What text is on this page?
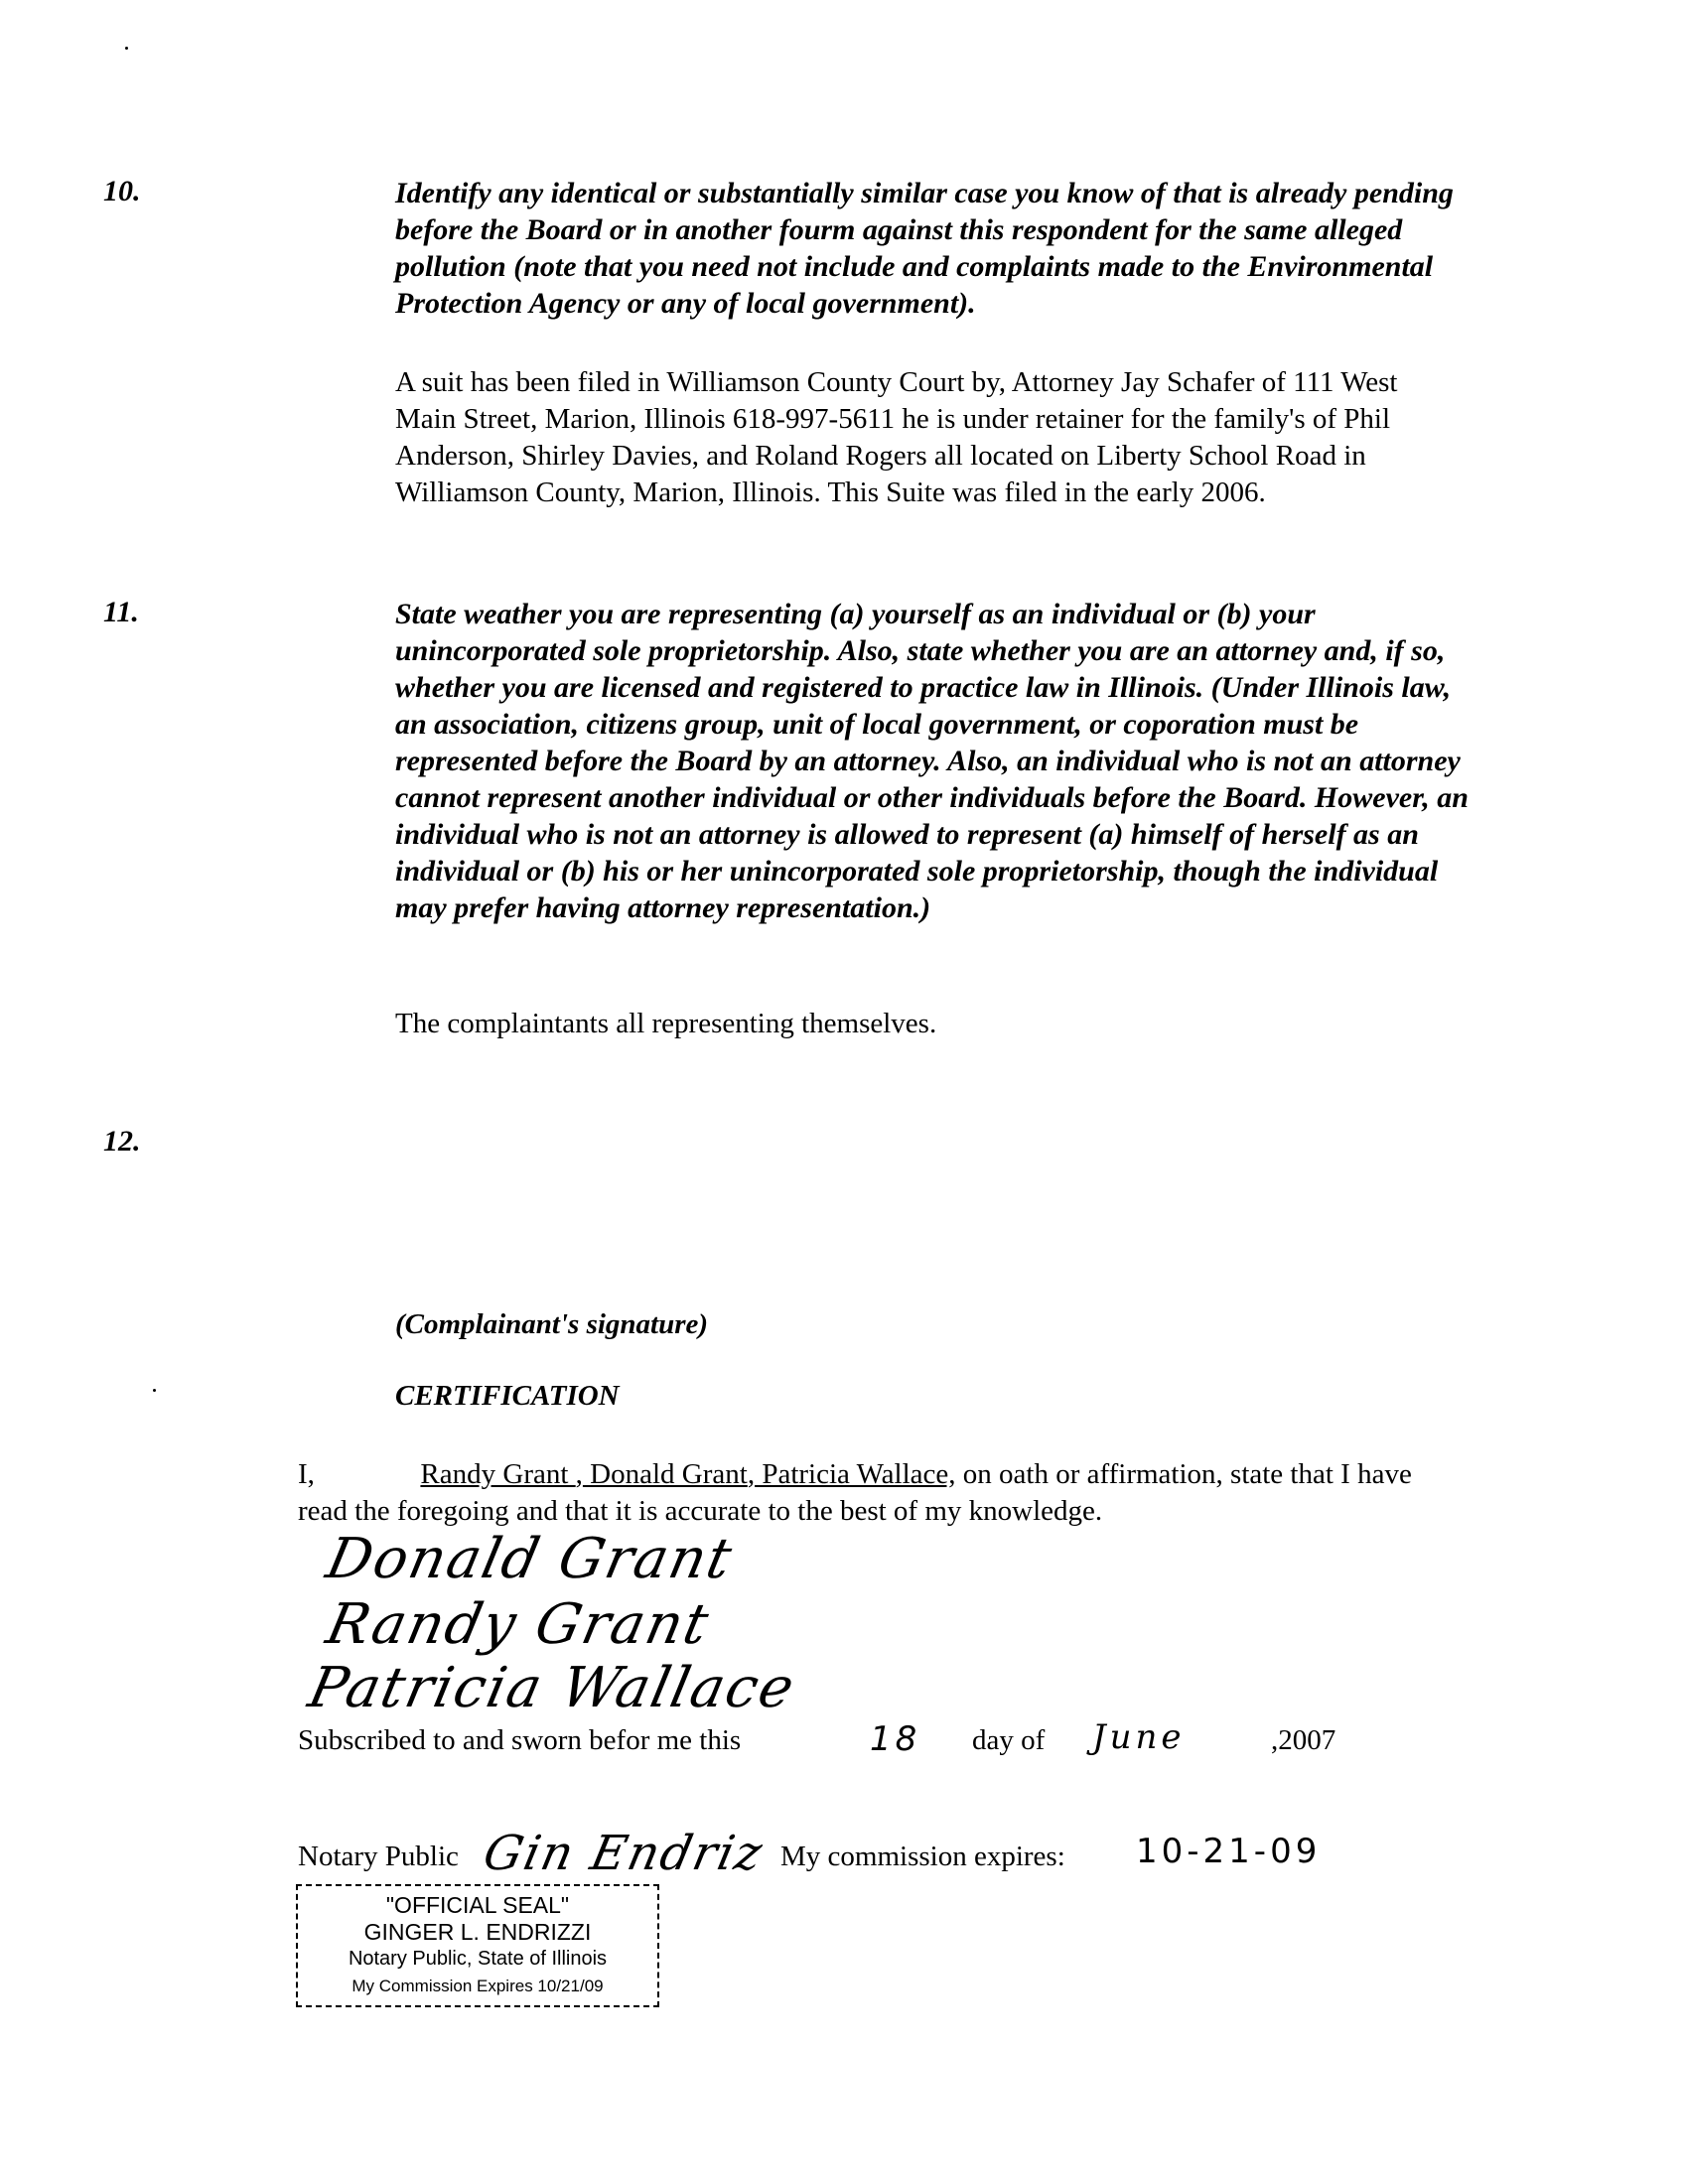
10.	Identify any identical or substantially similar case you know of that is already pending
before the Board or in another fourm against this respondent for the same alleged
pollution (note that you need not include and complaints made to the Environmental
Protection Agency or any of local government).
A suit has been filed in Williamson County Court by, Attorney Jay Schafer of 111 West
Main Street, Marion, Illinois 618-997-5611 he is under retainer for the family's of Phil
Anderson, Shirley Davies, and Roland Rogers all located on Liberty School Road in
Williamson County, Marion, Illinois. This Suite was filed in the early 2006.
11.	State weather you are representing (a) yourself as an individual or (b) your
unincorporated sole proprietorship. Also, state whether you are an attorney and, if so,
whether you are licensed and registered to practice law in Illinois. (Under Illinois law,
an association, citizens group, unit of local government, or coporation must be
represented before the Board by an attorney. Also, an individual who is not an attorney
cannot represent another individual or other individuals before the Board. However, an
individual who is not an attorney is allowed to represent (a) himself of herself as an
individual or (b) his or her unincorporated sole proprietorship, though the individual
may prefer having attorney representation.)
The complaintants all representing themselves.
12.
(Complainant's signature)
CERTIFICATION
I,	Randy Grant , Donald Grant, Patricia Wallace, on oath or affirmation, state that I have
read the foregoing and that it is accurate to the best of my knowledge.
Donald Grant
Randy Grant
Patricia Wallace
Subscribed to and sworn befor me this	18 day of June	,2007
Notary Public Gin Endriz My commission expires: 10-21-09
"OFFICIAL SEAL"
GINGER L. ENDRIZZI
Notary Public, State of Illinois
My Commission Expires 10/21/09
